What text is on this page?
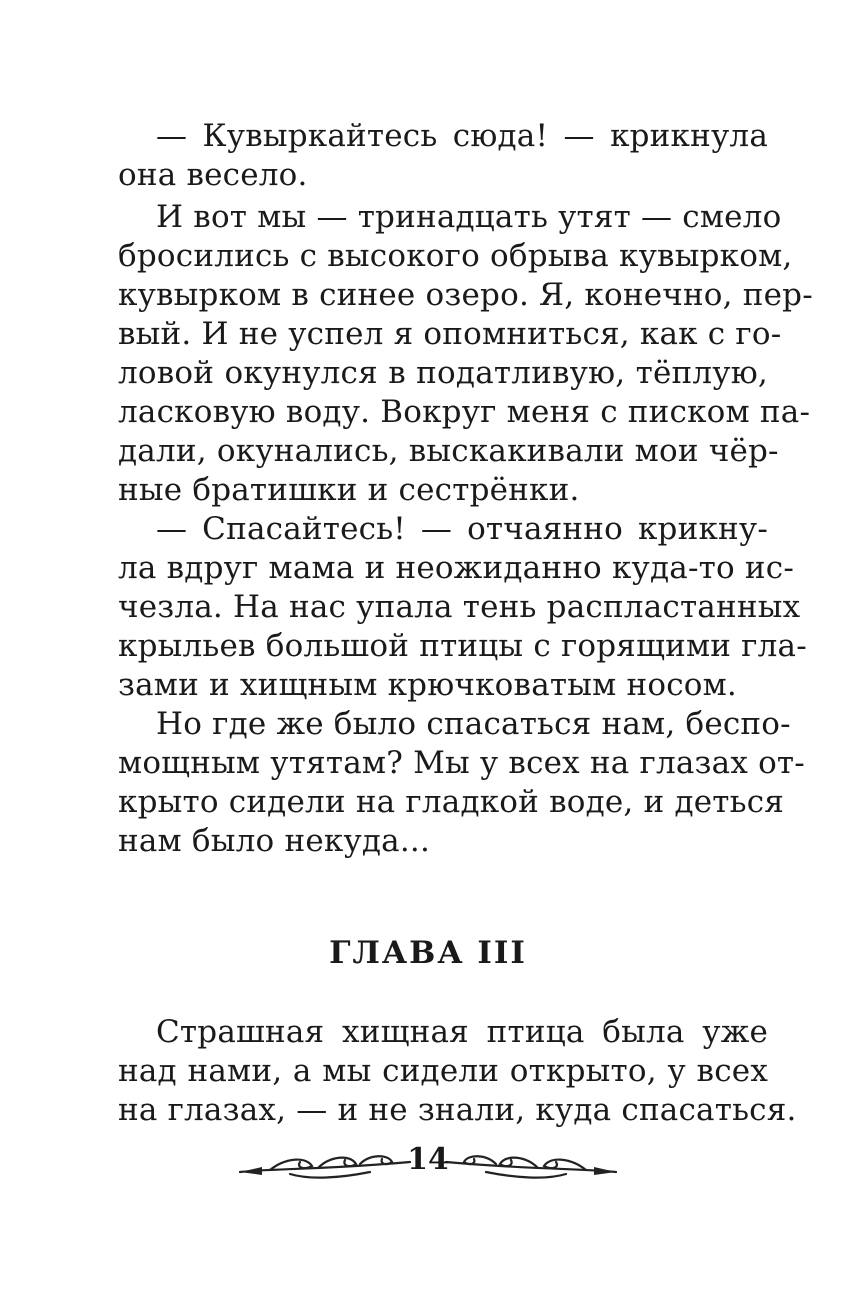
— Кувыркайтесь сюда! — крикнула
она весело.
И вот мы — тринадцать утят — смело
бросились с высокого обрыва кувырком,
кувырком в синее озеро. Я, конечно, пер-
вый. И не успел я опомниться, как с го-
ловой окунулся в податливую, тёплую,
ласковую воду. Вокруг меня с писком па-
дали, окунались, выскакивали мои чёр-
ные братишки и сестрёнки.
— Спасайтесь! — отчаянно крикну-
ла вдруг мама и неожиданно куда-то ис-
чезла. На нас упала тень распластанных
крыльев большой птицы с горящими гла-
зами и хищным крючковатым носом.
Но где же было спасаться нам, беспо-
мощным утятам? Мы у всех на глазах от-
крыто сидели на гладкой воде, и деться
нам было некуда...
ГЛАВА III
Страшная хищная птица была уже
над нами, а мы сидели открыто, у всех
на глазах, — и не знали, куда спасаться.
14
